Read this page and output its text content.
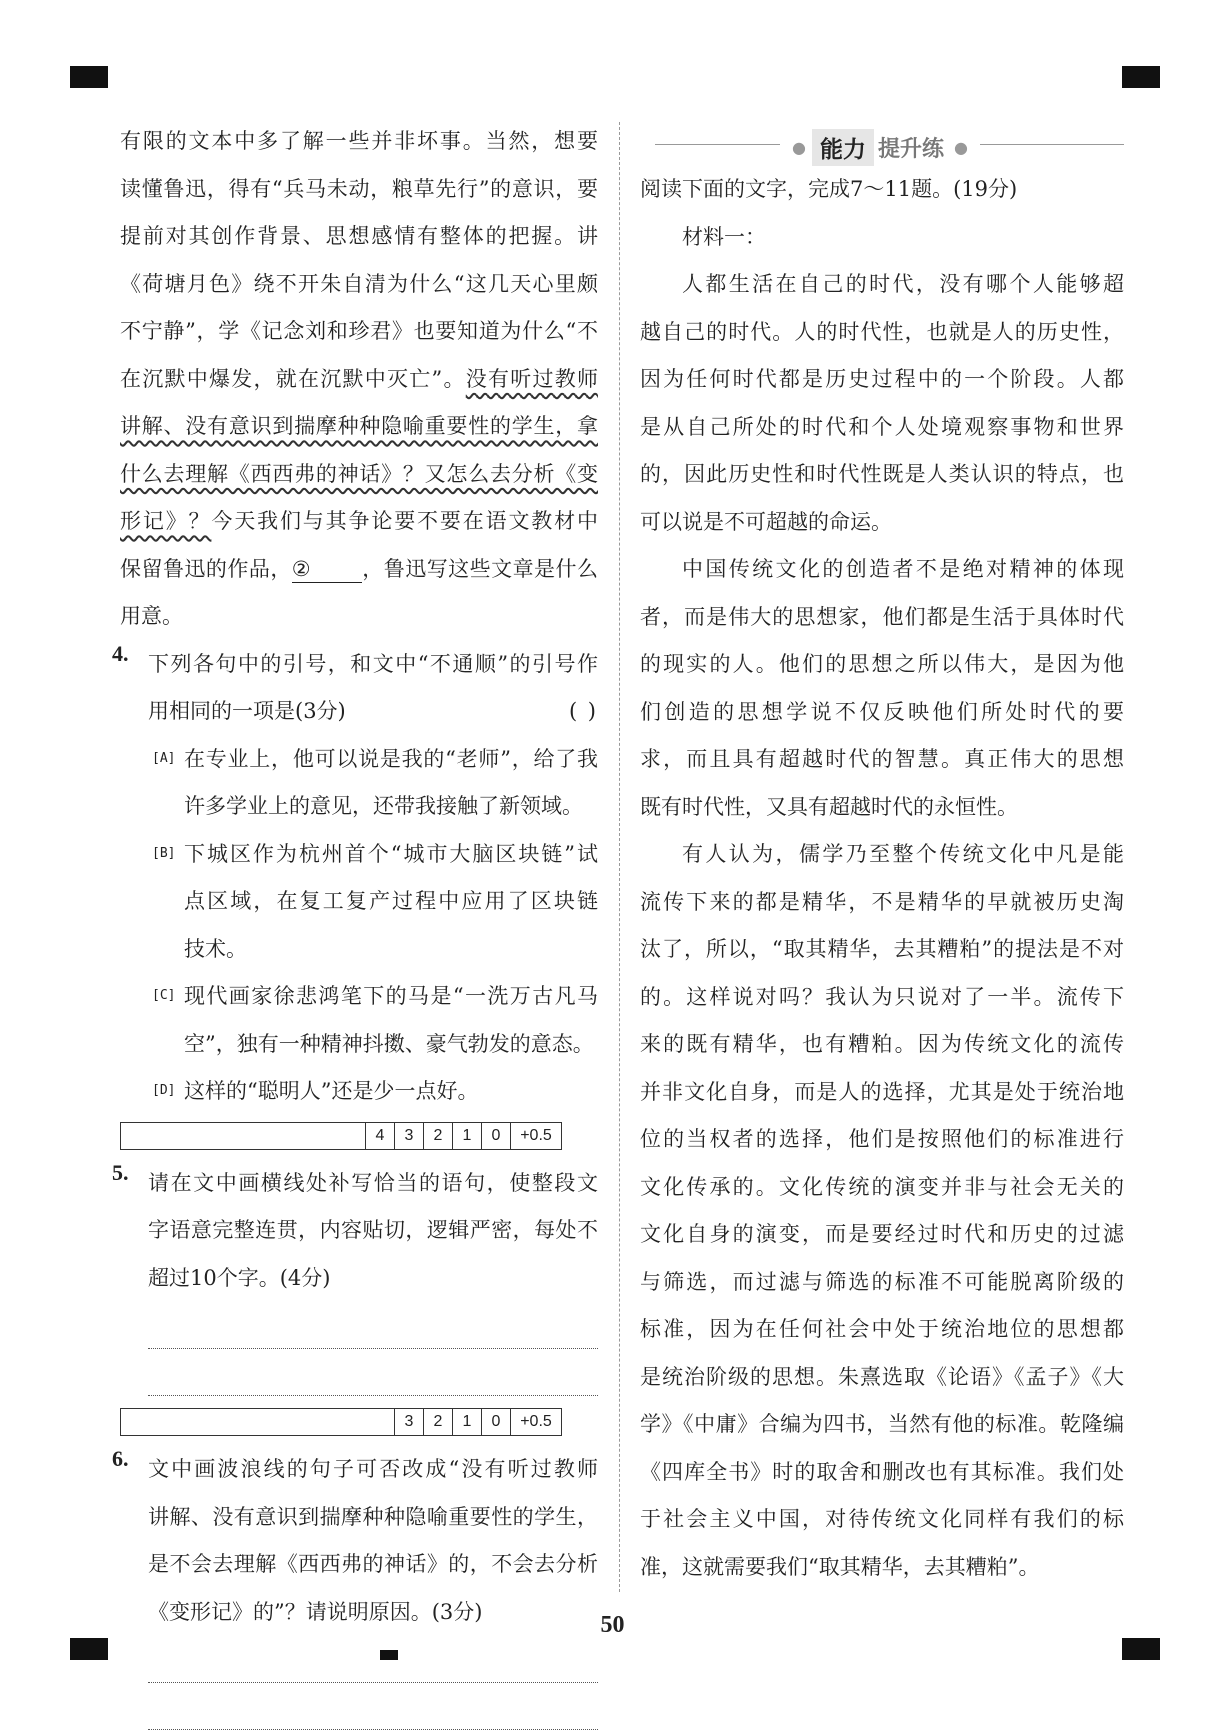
有限的文本中多了解一些并非坏事。当然，想要

读懂鲁迅，得有“兵马未动，粮草先行”的意识，要

提前对其创作背景、思想感情有整体的把握。讲

《荷塘月色》绕不开朱自清为什么“这几天心里颇

不宁静”，学《记念刘和珍君》也要知道为什么“不

在沉默中爆发，就在沉默中灭亡”。没有听过教师

讲解、没有意识到揣摩种种隐喻重要性的学生，拿

什么去理解《西西弗的神话》？又怎么去分析《变

形记》？今天我们与其争论要不要在语文教材中

保留鲁迅的作品，② ，鲁迅写这些文章是什么

用意。

4. 下列各句中的引号，和文中“不通顺”的引号作

用相同的一项是(3分)	( )

[A] 在专业上，他可以说是我的“老师”，给了我

许多学业上的意见，还带我接触了新领域。

[B] 下城区作为杭州首个“城市大脑区块链”试

点区域，在复工复产过程中应用了区块链

技术。

[C] 现代画家徐悲鸿笔下的马是“一洗万古凡马

空”，独有一种精神抖擞、豪气勃发的意态。

[D] 这样的“聪明人”还是少一点好。

4	3	2	1	0	+0.5
5. 请在文中画横线处补写恰当的语句，使整段文

字语意完整连贯，内容贴切，逻辑严密，每处不

超过10个字。(4分)

3	2	1	0	+0.5
6. 文中画波浪线的句子可否改成“没有听过教师

讲解、没有意识到揣摩种种隐喻重要性的学生，

是不会去理解《西西弗的神话》的，不会去分析

《变形记》的”？请说明原因。(3分)

● 能力 提升练 ●

阅读下面的文字，完成7～11题。(19分)

材料一：

人都生活在自己的时代，没有哪个人能够超

越自己的时代。人的时代性，也就是人的历史性，

因为任何时代都是历史过程中的一个阶段。人都

是从自己所处的时代和个人处境观察事物和世界

的，因此历史性和时代性既是人类认识的特点，也

可以说是不可超越的命运。

中国传统文化的创造者不是绝对精神的体现

者，而是伟大的思想家，他们都是生活于具体时代

的现实的人。他们的思想之所以伟大，是因为他

们创造的思想学说不仅反映他们所处时代的要

求，而且具有超越时代的智慧。真正伟大的思想

既有时代性，又具有超越时代的永恒性。

有人认为，儒学乃至整个传统文化中凡是能

流传下来的都是精华，不是精华的早就被历史淘

汰了，所以，“取其精华，去其糟粕”的提法是不对

的。这样说对吗？我认为只说对了一半。流传下

来的既有精华，也有糟粕。因为传统文化的流传

并非文化自身，而是人的选择，尤其是处于统治地

位的当权者的选择，他们是按照他们的标准进行

文化传承的。文化传统的演变并非与社会无关的

文化自身的演变，而是要经过时代和历史的过滤

与筛选，而过滤与筛选的标准不可能脱离阶级的

标准，因为在任何社会中处于统治地位的思想都

是统治阶级的思想。朱熹选取《论语》《孟子》《大

学》《中庸》合编为四书，当然有他的标准。乾隆编

《四库全书》时的取舍和删改也有其标准。我们处

于社会主义中国，对待传统文化同样有我们的标

准，这就需要我们“取其精华，去其糟粕”。

50
